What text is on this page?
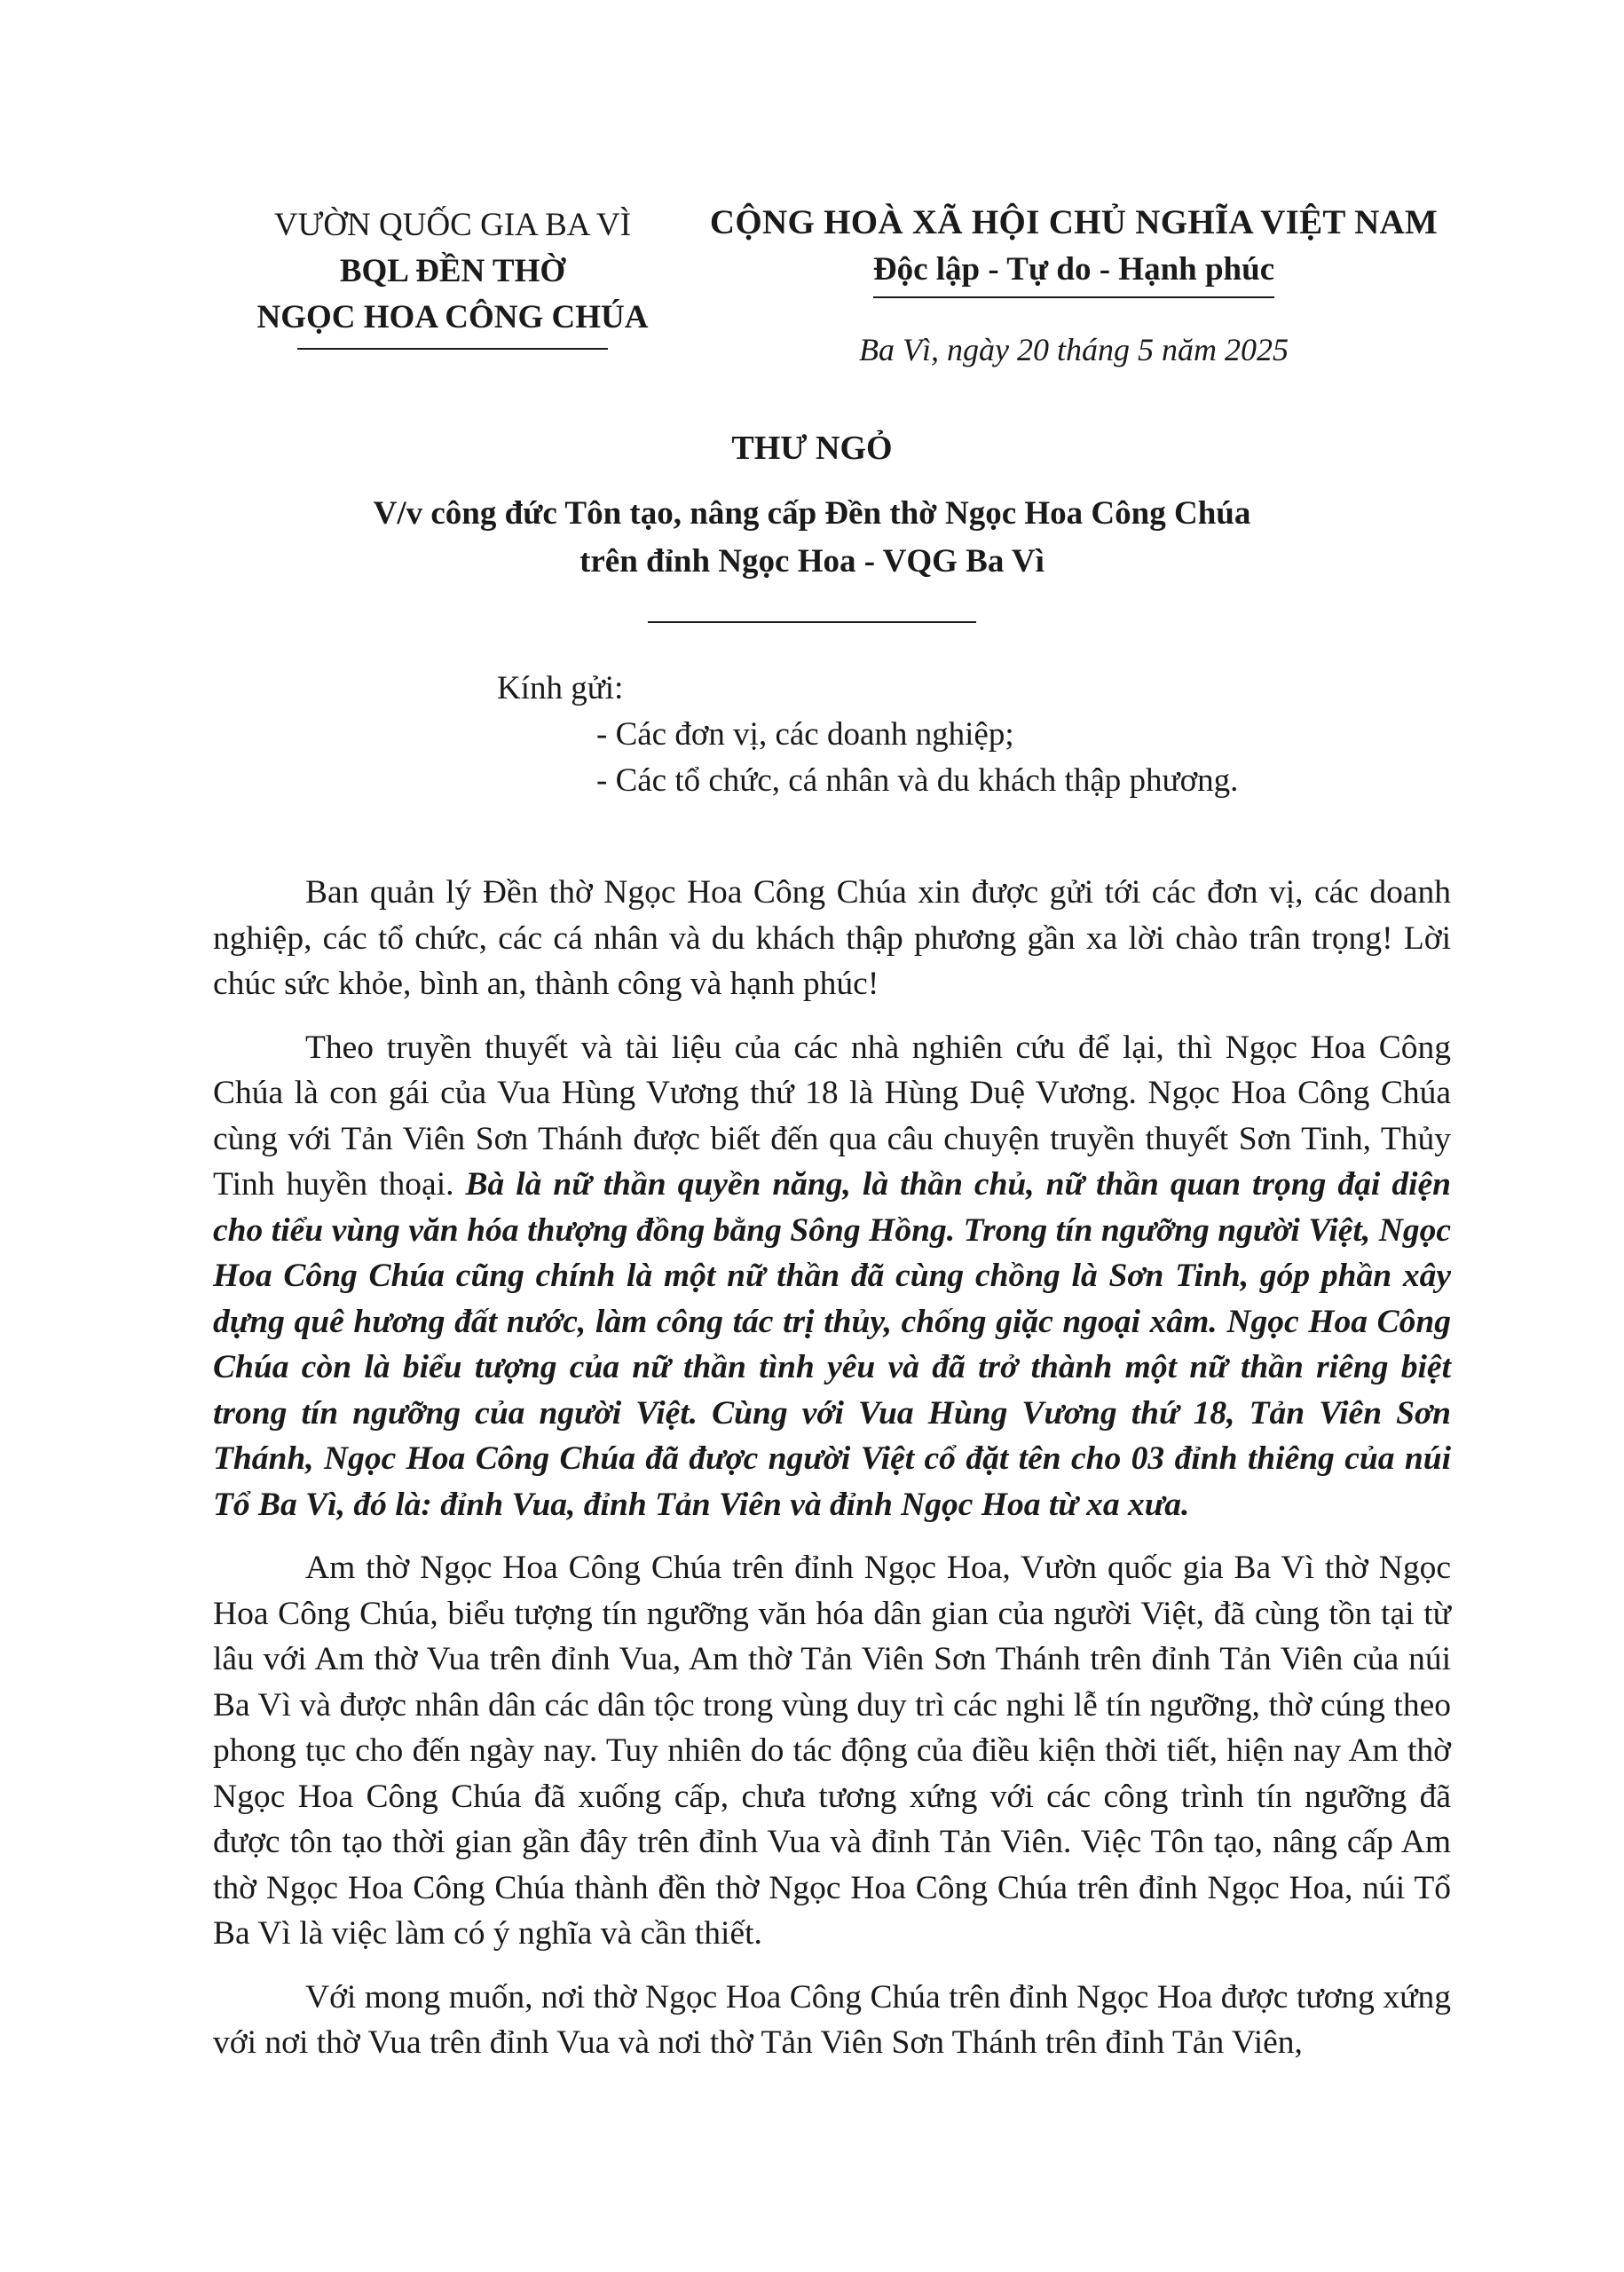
VƯỜN QUỐC GIA BA VÌ
BQL ĐỀN THỜ
NGỌC HOA CÔNG CHÚA
CỘNG HOÀ XÃ HỘI CHỦ NGHĨA VIỆT NAM
Độc lập - Tự do - Hạnh phúc
Ba Vì, ngày 20 tháng 5 năm 2025
THƯ NGỎ
V/v công đức Tôn tạo, nâng cấp Đền thờ Ngọc Hoa Công Chúa
trên đỉnh Ngọc Hoa - VQG Ba Vì
Kính gửi:
- Các đơn vị, các doanh nghiệp;
- Các tổ chức, cá nhân và du khách thập phương.

Ban quản lý Đền thờ Ngọc Hoa Công Chúa xin được gửi tới các đơn vị, các doanh nghiệp, các tổ chức, các cá nhân và du khách thập phương gần xa lời chào trân trọng! Lời chúc sức khỏe, bình an, thành công và hạnh phúc!

Theo truyền thuyết và tài liệu của các nhà nghiên cứu để lại, thì Ngọc Hoa Công Chúa là con gái của Vua Hùng Vương thứ 18 là Hùng Duệ Vương. Ngọc Hoa Công Chúa cùng với Tản Viên Sơn Thánh được biết đến qua câu chuyện truyền thuyết Sơn Tinh, Thủy Tinh huyền thoại. Bà là nữ thần quyền năng, là thần chủ, nữ thần quan trọng đại diện cho tiểu vùng văn hóa thượng đồng bằng Sông Hồng. Trong tín ngưỡng người Việt, Ngọc Hoa Công Chúa cũng chính là một nữ thần đã cùng chồng là Sơn Tinh, góp phần xây dựng quê hương đất nước, làm công tác trị thủy, chống giặc ngoại xâm. Ngọc Hoa Công Chúa còn là biểu tượng của nữ thần tình yêu và đã trở thành một nữ thần riêng biệt trong tín ngưỡng của người Việt. Cùng với Vua Hùng Vương thứ 18, Tản Viên Sơn Thánh, Ngọc Hoa Công Chúa đã được người Việt cổ đặt tên cho 03 đỉnh thiêng của núi Tổ Ba Vì, đó là: đỉnh Vua, đỉnh Tản Viên và đỉnh Ngọc Hoa từ xa xưa.

Am thờ Ngọc Hoa Công Chúa trên đỉnh Ngọc Hoa, Vườn quốc gia Ba Vì thờ Ngọc Hoa Công Chúa, biểu tượng tín ngưỡng văn hóa dân gian của người Việt, đã cùng tồn tại từ lâu với Am thờ Vua trên đỉnh Vua, Am thờ Tản Viên Sơn Thánh trên đỉnh Tản Viên của núi Ba Vì và được nhân dân các dân tộc trong vùng duy trì các nghi lễ tín ngưỡng, thờ cúng theo phong tục cho đến ngày nay. Tuy nhiên do tác động của điều kiện thời tiết, hiện nay Am thờ Ngọc Hoa Công Chúa đã xuống cấp, chưa tương xứng với các công trình tín ngưỡng đã được tôn tạo thời gian gần đây trên đỉnh Vua và đỉnh Tản Viên. Việc Tôn tạo, nâng cấp Am thờ Ngọc Hoa Công Chúa thành đền thờ Ngọc Hoa Công Chúa trên đỉnh Ngọc Hoa, núi Tổ Ba Vì là việc làm có ý nghĩa và cần thiết.

Với mong muốn, nơi thờ Ngọc Hoa Công Chúa trên đỉnh Ngọc Hoa được tương xứng với nơi thờ Vua trên đỉnh Vua và nơi thờ Tản Viên Sơn Thánh trên đỉnh Tản Viên,
